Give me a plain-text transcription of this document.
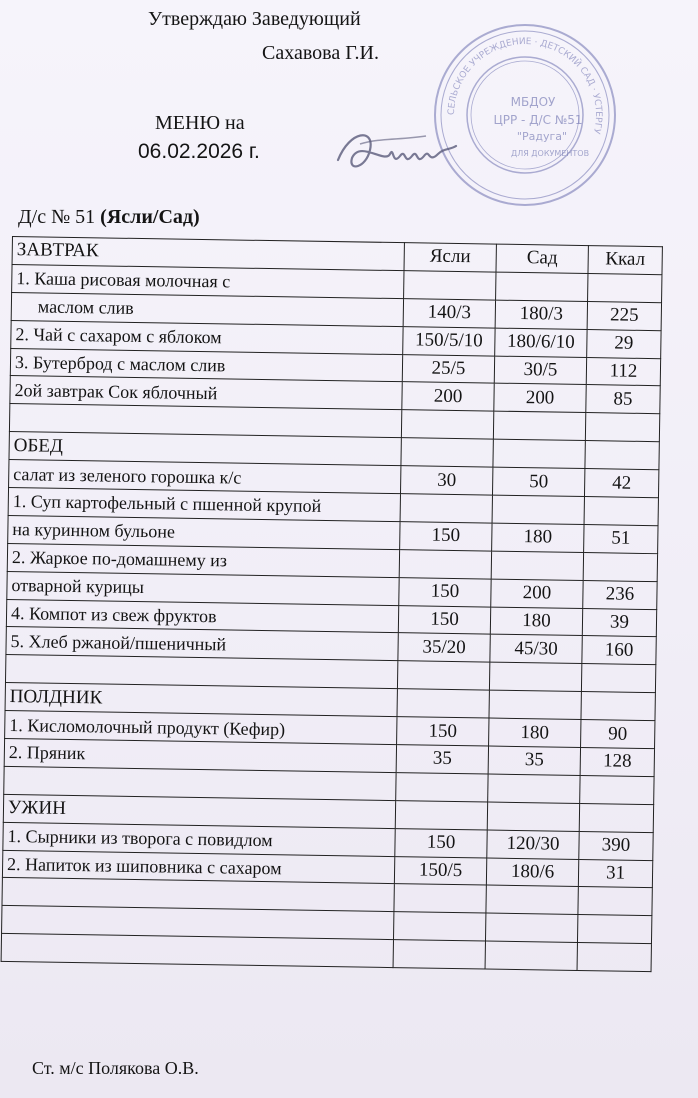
Утверждаю Заведующий
Сахавова Г.И.
СЕЛЬСКОЕ УЧРЕЖДЕНИЕ · ДЕТСКИЙ САД · УСТЕРГУ
МБДОУ
ЦРР - Д/С №51
"Радуга"
ДЛЯ ДОКУМЕНТОВ
МЕНЮ на
06.02.2026 г.
Д/с № 51 (Ясли/Сад)
ЗАВТРАК	Ясли	Сад	Ккал
1. Каша рисовая молочная с			
маслом слив	140/3	180/3	225
2. Чай с сахаром с яблоком	150/5/10	180/6/10	29
3. Бутерброд с маслом слив	25/5	30/5	112
2ой завтрак Сок яблочный	200	200	85

ОБЕД			
салат из зеленого горошка к/с	30	50	42
1. Суп картофельный с пшенной крупой			
на куринном бульоне	150	180	51
2. Жаркое по-домашнему из			
отварной курицы	150	200	236
4. Компот из свеж фруктов	150	180	39
5. Хлеб ржаной/пшеничный	35/20	45/30	160

ПОЛДНИК			
1. Кисломолочный продукт (Кефир)	150	180	90
2. Пряник	35	35	128

УЖИН			
1. Сырники из творога с повидлом	150	120/30	390
2. Напиток из шиповника с сахаром	150/5	180/6	31

Ст. м/с Полякова О.В.
